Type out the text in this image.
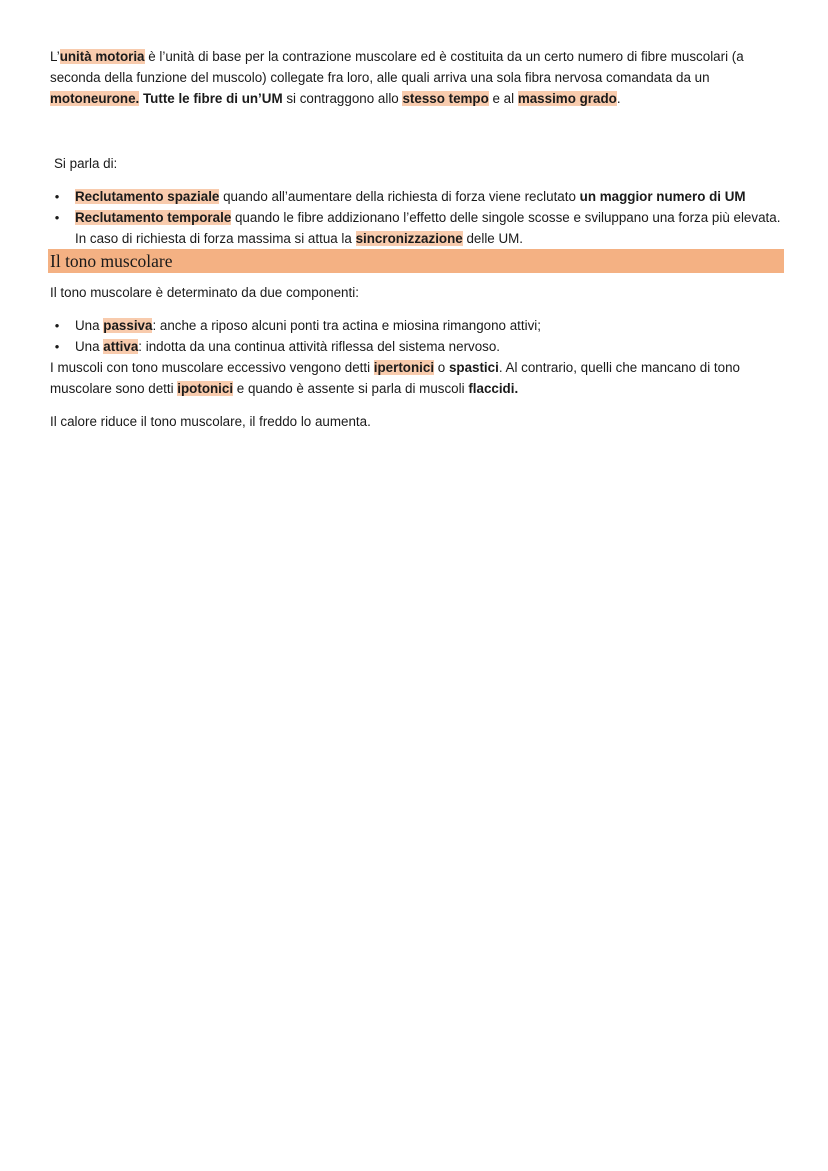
L’unità motoria è l’unità di base per la contrazione muscolare ed è costituita da un certo numero di fibre muscolari (a seconda della funzione del muscolo) collegate fra loro, alle quali arriva una sola fibra nervosa comandata da un motoneurone. Tutte le fibre di un’UM si contraggono allo stesso tempo e al massimo grado.

Si parla di:

• Reclutamento spaziale quando all’aumentare della richiesta di forza viene reclutato un maggior numero di UM
• Reclutamento temporale quando le fibre addizionano l’effetto delle singole scosse e sviluppano una forza più elevata. In caso di richiesta di forza massima si attua la sincronizzazione delle UM.
Il tono muscolare

Il tono muscolare è determinato da due componenti:

• Una passiva: anche a riposo alcuni ponti tra actina e miosina rimangono attivi;
• Una attiva: indotta da una continua attività riflessa del sistema nervoso.

I muscoli con tono muscolare eccessivo vengono detti ipertonici o spastici. Al contrario, quelli che mancano di tono muscolare sono detti ipotonici e quando è assente si parla di muscoli flaccidi.

Il calore riduce il tono muscolare, il freddo lo aumenta.
